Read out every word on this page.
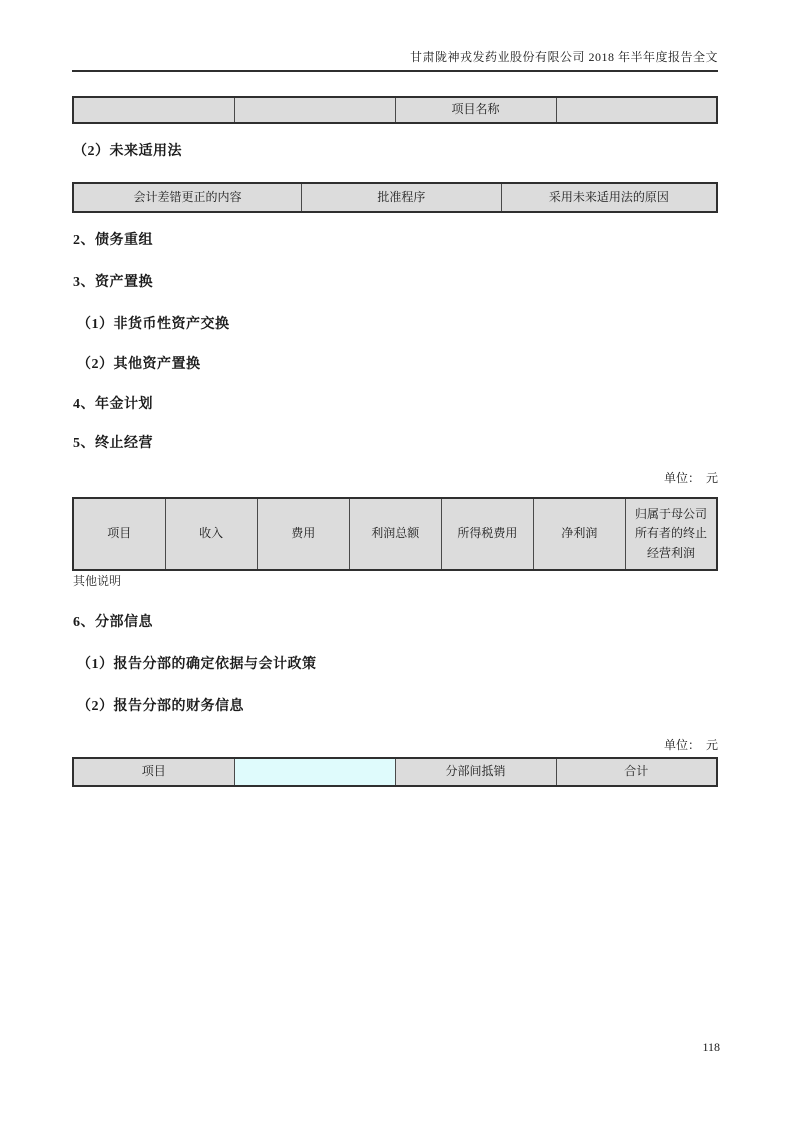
甘肃陇神戎发药业股份有限公司 2018 年半年度报告全文
		项目名称	
（2）未来适用法
会计差错更正的内容	批准程序	采用未来适用法的原因
2、债务重组
3、资产置换
（1）非货币性资产交换
（2）其他资产置换
4、年金计划
5、终止经营
单位：  元
项目	收入	费用	利润总额	所得税费用	净利润	归属于母公司所有者的终止经营利润
其他说明
6、分部信息
（1）报告分部的确定依据与会计政策
（2）报告分部的财务信息
单位：  元
项目		分部间抵销	合计
118
